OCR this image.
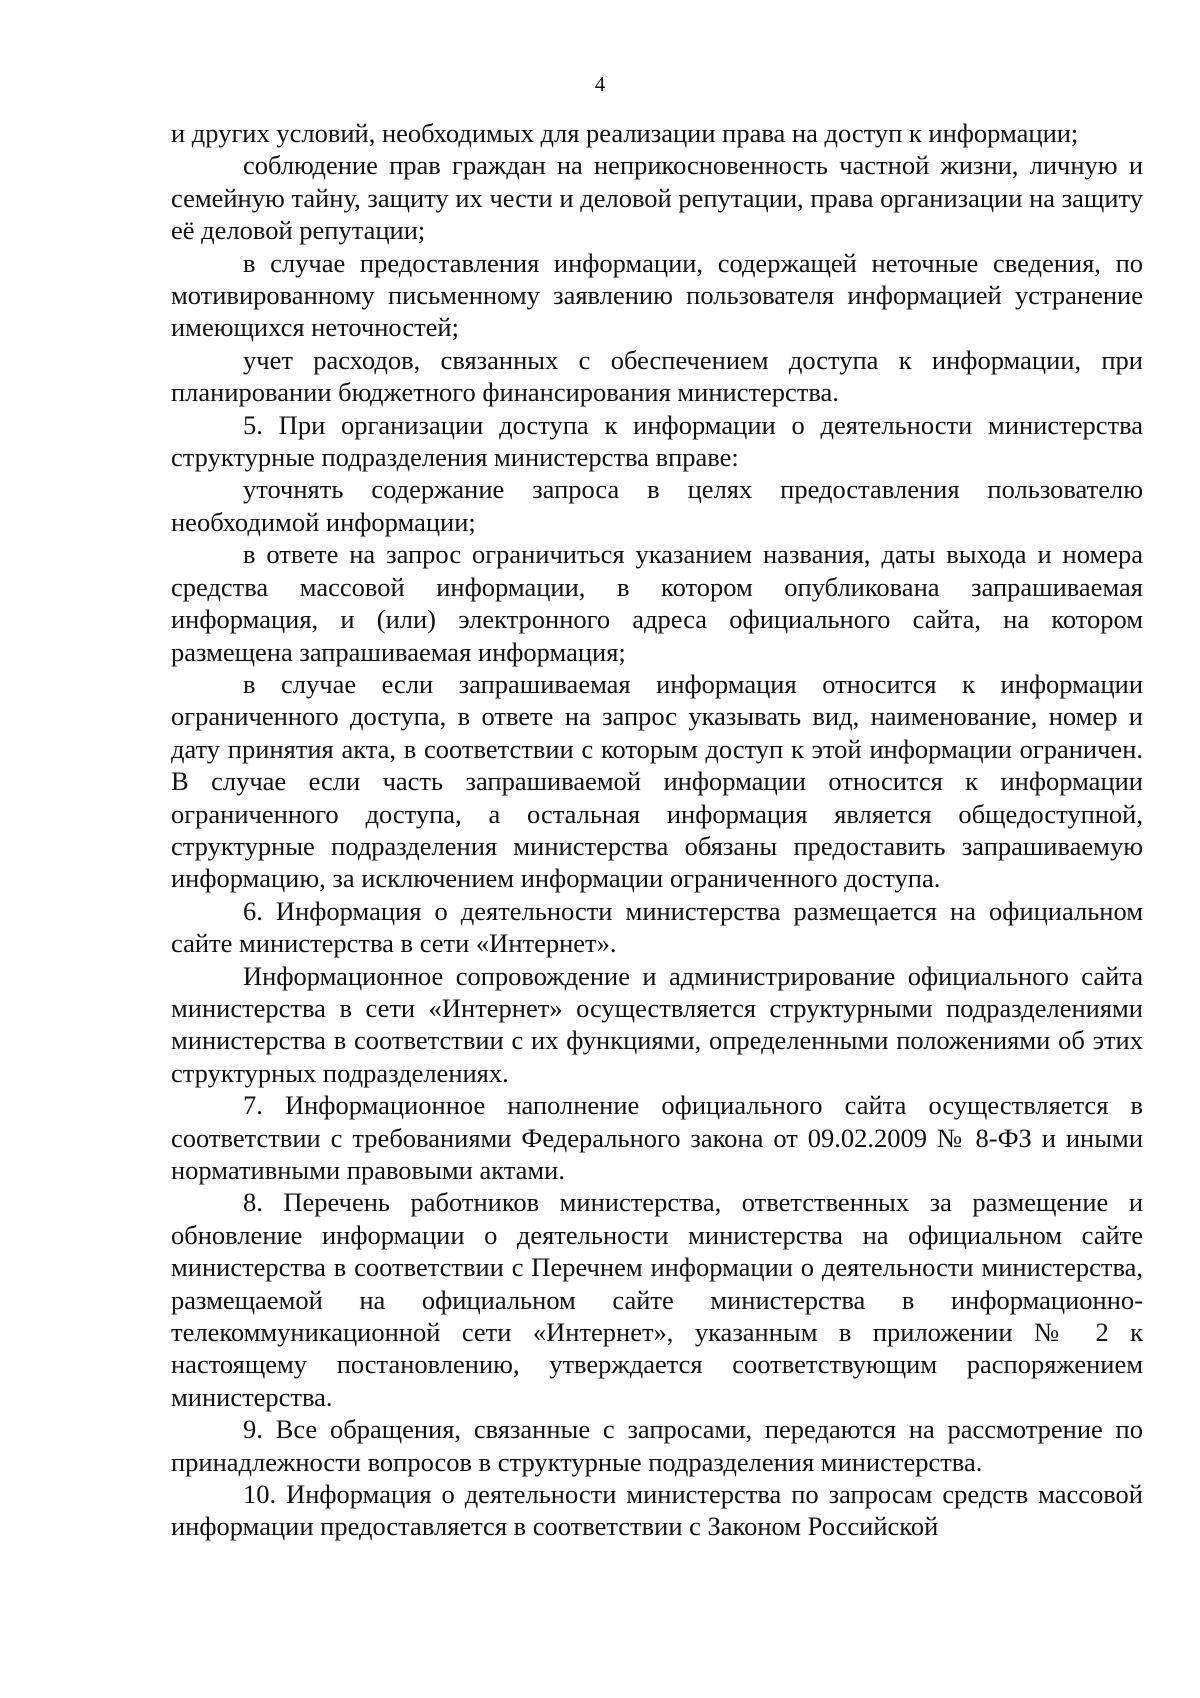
4

и других условий, необходимых для реализации права на доступ к информации;

соблюдение прав граждан на неприкосновенность частной жизни, личную и семейную тайну, защиту их чести и деловой репутации, права организации на защиту её деловой репутации;

в случае предоставления информации, содержащей неточные сведения, по мотивированному письменному заявлению пользователя информацией устранение имеющихся неточностей;

учет расходов, связанных с обеспечением доступа к информации, при планировании бюджетного финансирования министерства.

5. При организации доступа к информации о деятельности министерства структурные подразделения министерства вправе:

уточнять содержание запроса в целях предоставления пользователю необходимой информации;

в ответе на запрос ограничиться указанием названия, даты выхода и номера средства массовой информации, в котором опубликована запрашиваемая информация, и (или) электронного адреса официального сайта, на котором размещена запрашиваемая информация;

в случае если запрашиваемая информация относится к информации ограниченного доступа, в ответе на запрос указывать вид, наименование, номер и дату принятия акта, в соответствии с которым доступ к этой информации ограничен. В случае если часть запрашиваемой информации относится к информации ограниченного доступа, а остальная информация является общедоступной, структурные подразделения министерства обязаны предоставить запрашиваемую информацию, за исключением информации ограниченного доступа.

6. Информация о деятельности министерства размещается на официальном сайте министерства в сети «Интернет».

Информационное сопровождение и администрирование официального сайта министерства в сети «Интернет» осуществляется структурными подразделениями министерства в соответствии с их функциями, определенными положениями об этих структурных подразделениях.

7. Информационное наполнение официального сайта осуществляется в соответствии с требованиями Федерального закона от 09.02.2009 № 8-ФЗ и иными нормативными правовыми актами.

8. Перечень работников министерства, ответственных за размещение и обновление информации о деятельности министерства на официальном сайте министерства в соответствии с Перечнем информации о деятельности министерства, размещаемой на официальном сайте министерства в информационно-телекоммуникационной сети «Интернет», указанным в приложении № 2 к настоящему постановлению, утверждается соответствующим распоряжением министерства.

9. Все обращения, связанные с запросами, передаются на рассмотрение по принадлежности вопросов в структурные подразделения министерства.

10. Информация о деятельности министерства по запросам средств массовой информации предоставляется в соответствии с Законом Российской
